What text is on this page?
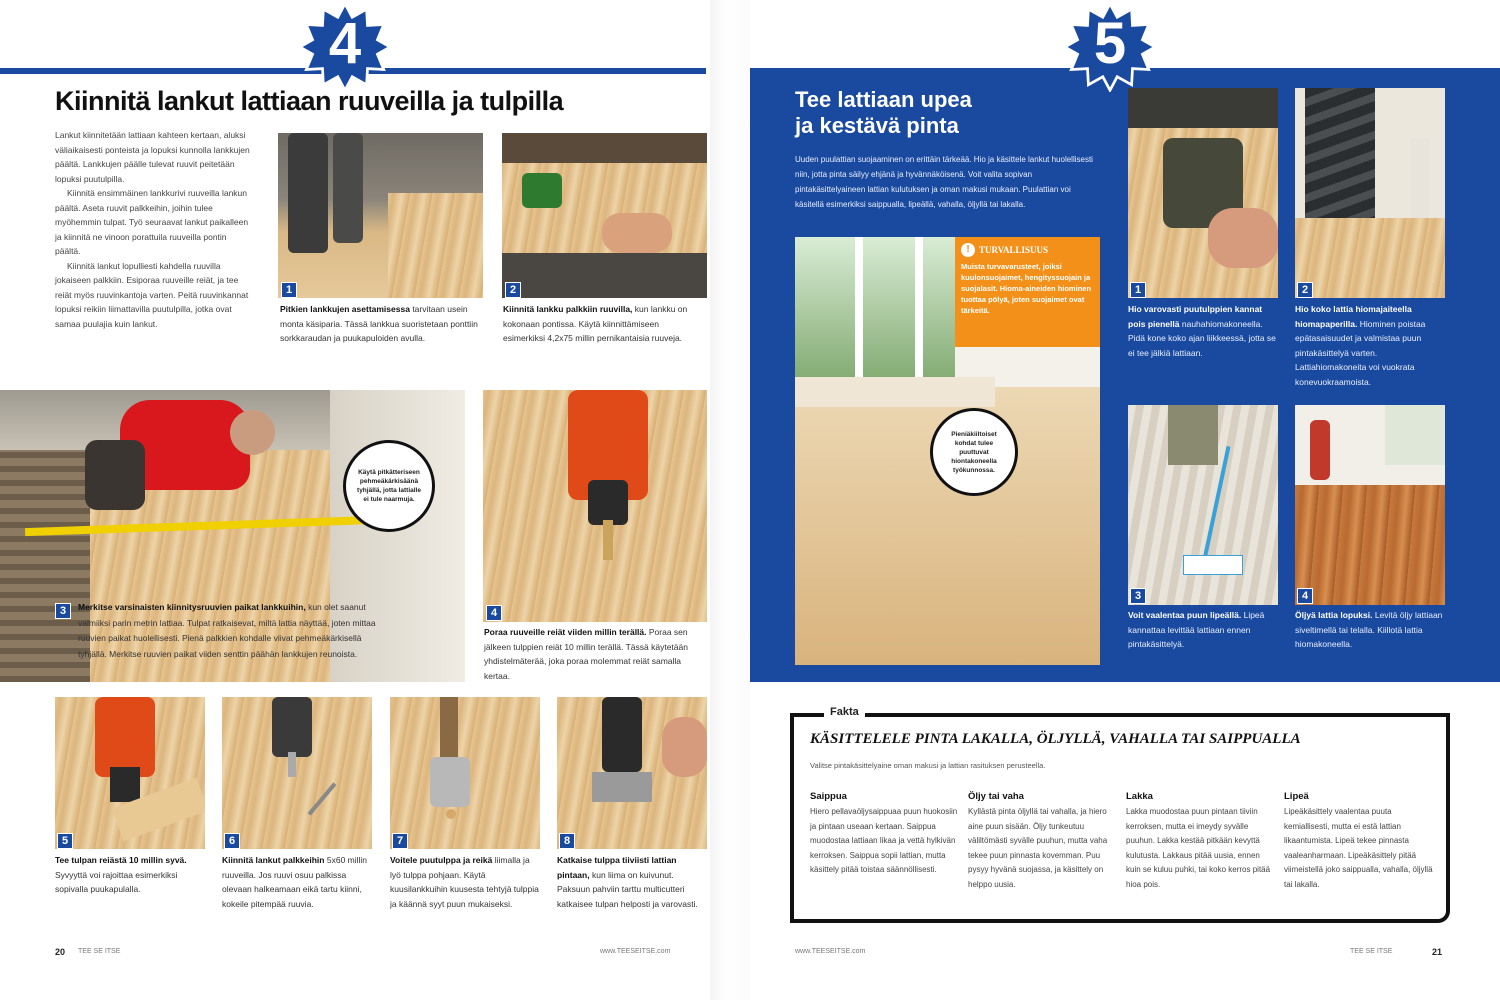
4
Kiinnitä lankut lattiaan ruuveilla ja tulpilla

Lankut kiinnitetään lattiaan kahteen kertaan, aluksi väliaikaisesti ponteista ja lopuksi kunnolla lankkujen päältä. Lankkujen päälle tulevat ruuvit peitetään lopuksi puutulpilla.

Kiinnitä ensimmäinen lankkurivi ruuveilla lankun päältä. Aseta ruuvit palkkeihin, joihin tulee myöhemmin tulpat. Työ seuraavat lankut paikalleen ja kiinnitä ne vinoon porattuila ruuveilla pontin päältä.

Kiinnitä lankut lopulliesti kahdella ruuvilla jokaiseen palkkiin. Esiporaa ruuveille reiät, ja tee reiät myös ruuvinkantoja varten. Peitä ruuvinkannat lopuksi reikiin liimattavilla puutulpilla, jotka ovat samaa puulajia kuin lankut.

1
Pitkien lankkujen asettamisessa tarvitaan usein monta käsiparia. Tässä lankkua suoristetaan ponttiin sorkkaraudan ja puukapuloiden avulla.
2
Kiinnitä lankku palkkiin ruuvilla, kun lankku on kokonaan pontissa. Käytä kiinnittämiseen esimerkiksi 4,2x75 millin pernikantaisia ruuveja.
Käytä pitkätteriseen pehmeäkärkisäänä tyhjällä, jotta lattialle ei tule naarmuja.
3	Merkitse varsinaisten kiinnitysruuvien paikat lankkuihin, kun olet saanut valmiiksi parin metrin lattiaa. Tulpat ratkaisevat, miltä lattia näyttää, joten mittaa ruuvien paikat huolellisesti. Pienä palkkien kohdalle viivat pehmeäkärkisellä tyhjällä. Merkitse ruuvien paikat viiden senttin päähän lankkujen reunoista.
4
Poraa ruuveille reiät viiden millin terällä. Poraa sen jälkeen tulppien reiät 10 millin terällä. Tässä käytetään yhdistelmäterää, joka poraa molemmat reiät samalla kertaa.
5
Tee tulpan reiästä 10 millin syvä. Syvyyttä voi rajoittaa esimerkiksi sopivalla puukapulalla.
6
Kiinnitä lankut palkkeihin 5x60 millin ruuveilla. Jos ruuvi osuu palkissa olevaan halkeamaan eikä tartu kiinni, kokeile pitempää ruuvia.
7
Voitele puutulppa ja reikä liimalla ja lyö tulppa pohjaan. Käytä kuusilankkuihin kuusesta tehtyjä tulppia ja käännä syyt puun mukaiseksi.
8
Katkaise tulppa tiiviisti lattian pintaan, kun liima on kuivunut. Paksuun pahviin tarttu multicutteri katkaisee tulpan helposti ja varovasti.
20 TEE SE ITSE	www.TEESEITSE.com
5
Tee lattiaan upea
ja kestävä pinta
Uuden puulattian suojaaminen on erittäin tärkeää. Hio ja käsittele lankut huolellisesti niin, jotta pinta säilyy ehjänä ja hyvännäköisenä. Voit valita sopivan pintakäsittelyaineen lattian kulutuksen ja oman makusi mukaan. Puulattian voi käsitellä esimerkiksi saippualla, lipeällä, vahalla, öljyllä tai lakalla.
!	TURVALLISUUS
Muista turvavarusteet, joiksi kuulonsuojaimet, hengityssuojain ja suojalasit. Hioma-aineiden hiominen tuottaa pölyä, joten suojaimet ovat tärkeitä.
Pieniäkiiltoiset kohdat tulee puuttuvat hiontakoneella työkunnossa.
1
Hio varovasti puutulppien kannat pois pienellä nauhahiomakoneella. Pidä kone koko ajan liikkeessä, jotta se ei tee jälkiä lattiaan.
2
Hio koko lattia hiomajaiteella hiomapaperilla. Hiominen poistaa epätasaisuudet ja valmistaa puun pintakäsittelyä varten. Lattiahiomakoneita voi vuokrata konevuokraamoista.
3
Voit vaalentaa puun lipeällä. Lipeä kannattaa levittää lattiaan ennen pintakäsittelyä.
4
Öljyä lattia lopuksi. Levitä öljy lattiaan siveltimellä tai telalla. Kiillotä lattia hiomakoneella.
Fakta
KÄSITTELELE PINTA LAKALLA, ÖLJYLLÄ, VAHALLA TAI SAIPPUALLA
Valitse pintakäsittelyaine oman makusi ja lattian rasituksen perusteella.
Saippua
Hiero pellavaöljysaippuaa puun huokosiin ja pintaan useaan kertaan. Saippua muodostaa lattiaan likaa ja vettä hylkivän kerroksen. Saippua sopii lattian, mutta käsittely pitää toistaa säännöllisesti.
Öljy tai vaha
Kyllästä pinta öljyllä tai vahalla, ja hiero aine puun sisään. Öljy tunkeutuu väliltömästi syvälle puuhun, mutta vaha tekee puun pinnasta kovemman. Puu pysyy hyvänä suojassa, ja käsittely on helppo uusia.
Lakka
Lakka muodostaa puun pintaan tiiviin kerroksen, mutta ei imeydy syvälle puuhun. Lakka kestää pitkään kevyttä kulutusta. Lakkaus pitää uusia, ennen kuin se kuluu puhki, tai koko kerros pitää hioa pois.
Lipeä
Lipeäkäsittely vaalentaa puuta kemiallisesti, mutta ei estä lattian likaantumista. Lipeä tekee pinnasta vaaleanharmaan. Lipeäkäsittely pitää viimeistellä joko saippualla, vahalla, öljyllä tai lakalla.
www.TEESEITSE.com	TEE SE ITSE	21
